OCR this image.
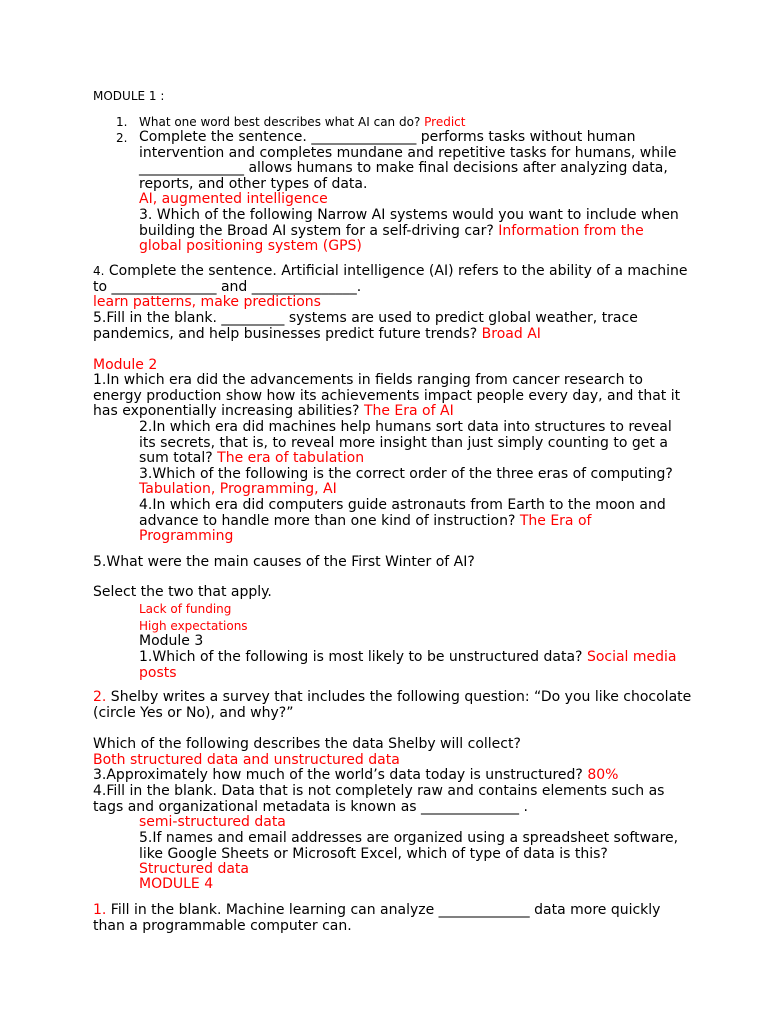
MODULE 1 :
1. What one word best describes what AI can do? Predict
2. Complete the sentence. _______________ performs tasks without human intervention and completes mundane and repetitive tasks for humans, while _______________ allows humans to make final decisions after analyzing data, reports, and other types of data.
AI, augmented intelligence
3. Which of the following Narrow AI systems would you want to include when building the Broad AI system for a self-driving car? Information from the global positioning system (GPS)
4. Complete the sentence. Artificial intelligence (AI) refers to the ability of a machine to _______________ and _______________.
learn patterns, make predictions
5.Fill in the blank. _________ systems are used to predict global weather, trace pandemics, and help businesses predict future trends? Broad AI
Module 2
1.In which era did the advancements in fields ranging from cancer research to energy production show how its achievements impact people every day, and that it has exponentially increasing abilities? The Era of AI
2.In which era did machines help humans sort data into structures to reveal its secrets, that is, to reveal more insight than just simply counting to get a sum total? The era of tabulation
3.Which of the following is the correct order of the three eras of computing?
Tabulation, Programming, AI
4.In which era did computers guide astronauts from Earth to the moon and advance to handle more than one kind of instruction? The Era of Programming
5.What were the main causes of the First Winter of AI?
Select the two that apply.
Lack of funding
High expectations
Module 3
1.Which of the following is most likely to be unstructured data? Social media posts
2. Shelby writes a survey that includes the following question: “Do you like chocolate (circle Yes or No), and why?”
Which of the following describes the data Shelby will collect?
Both structured data and unstructured data
3.Approximately how much of the world’s data today is unstructured? 80%
4.Fill in the blank. Data that is not completely raw and contains elements such as tags and organizational metadata is known as ______________ .
semi-structured data
5.If names and email addresses are organized using a spreadsheet software, like Google Sheets or Microsoft Excel, which of type of data is this?
Structured data
MODULE 4
1. Fill in the blank. Machine learning can analyze _____________ data more quickly than a programmable computer can.
